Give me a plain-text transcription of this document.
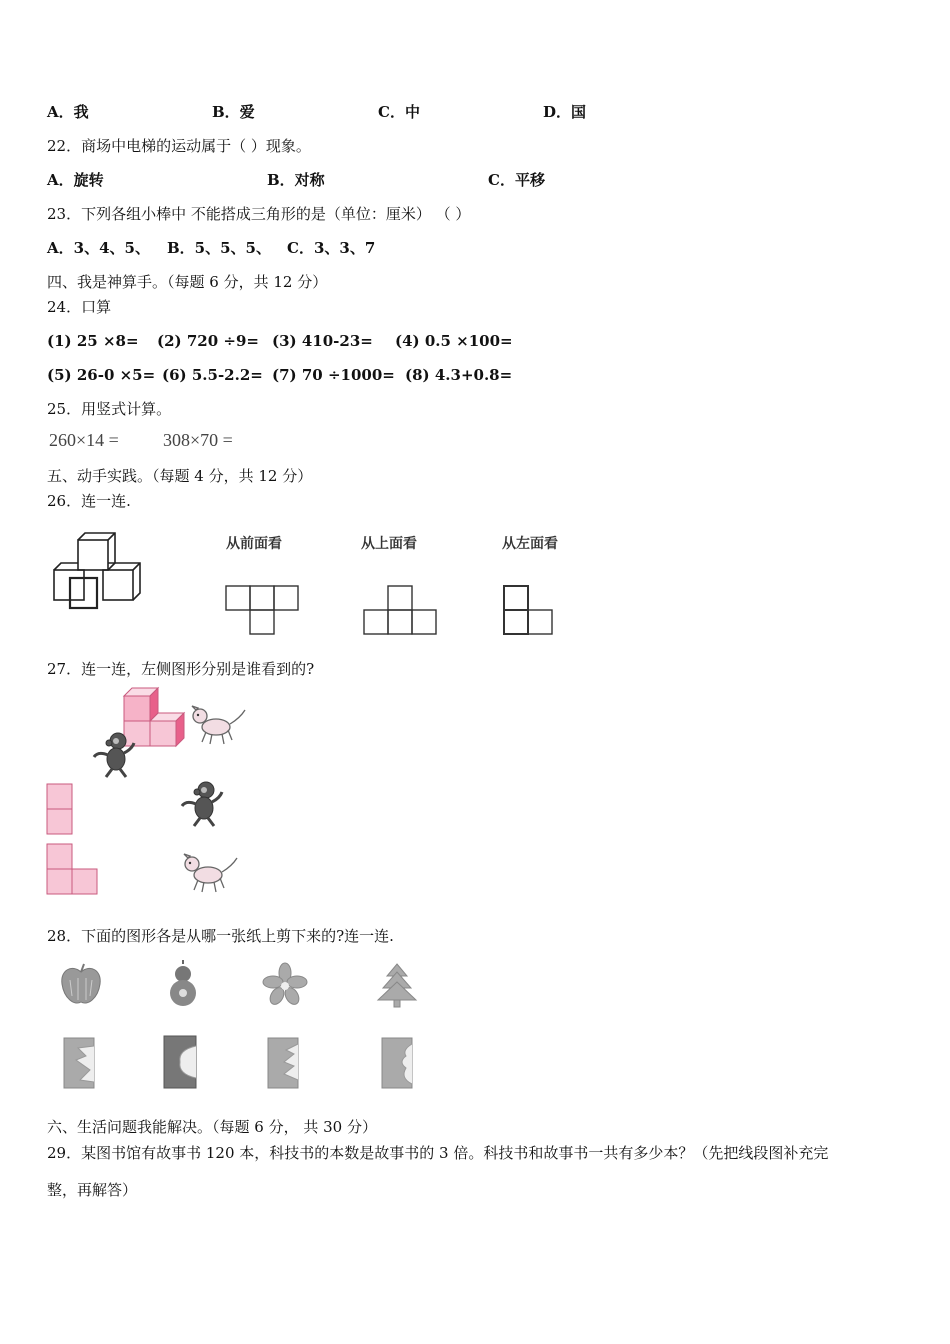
A．我	B．爱	C．中	D．国
22．商场中电梯的运动属于（ ）现象。
A．旋转	B．对称	C．平移
23．下列各组小棒中 不能搭成三角形的是（单位：厘米） （ ）
A．3、4、5、 B．5、5、5、 C．3、3、7
四、我是神算手。（每题 6 分，共 12 分）
24．口算
(1) 25 ×8= (2) 720 ÷9= (3) 410-23= (4) 0.5 ×100=
(5) 26-0 ×5= (6) 5.5-2.2= (7) 70 ÷1000= (8) 4.3+0.8=
25．用竖式计算。
260×14 = 308×70 =
五、动手实践。（每题 4 分，共 12 分）
26．连一连.
从前面看	从上面看	从左面看
27．连一连，左侧图形分别是谁看到的?
28．下面的图形各是从哪一张纸上剪下来的?连一连.
六、生活问题我能解决。（每题 6 分， 共 30 分）
29．某图书馆有故事书 120 本，科技书的本数是故事书的 3 倍。科技书和故事书一共有多少本？（先把线段图补充完
整，再解答）
